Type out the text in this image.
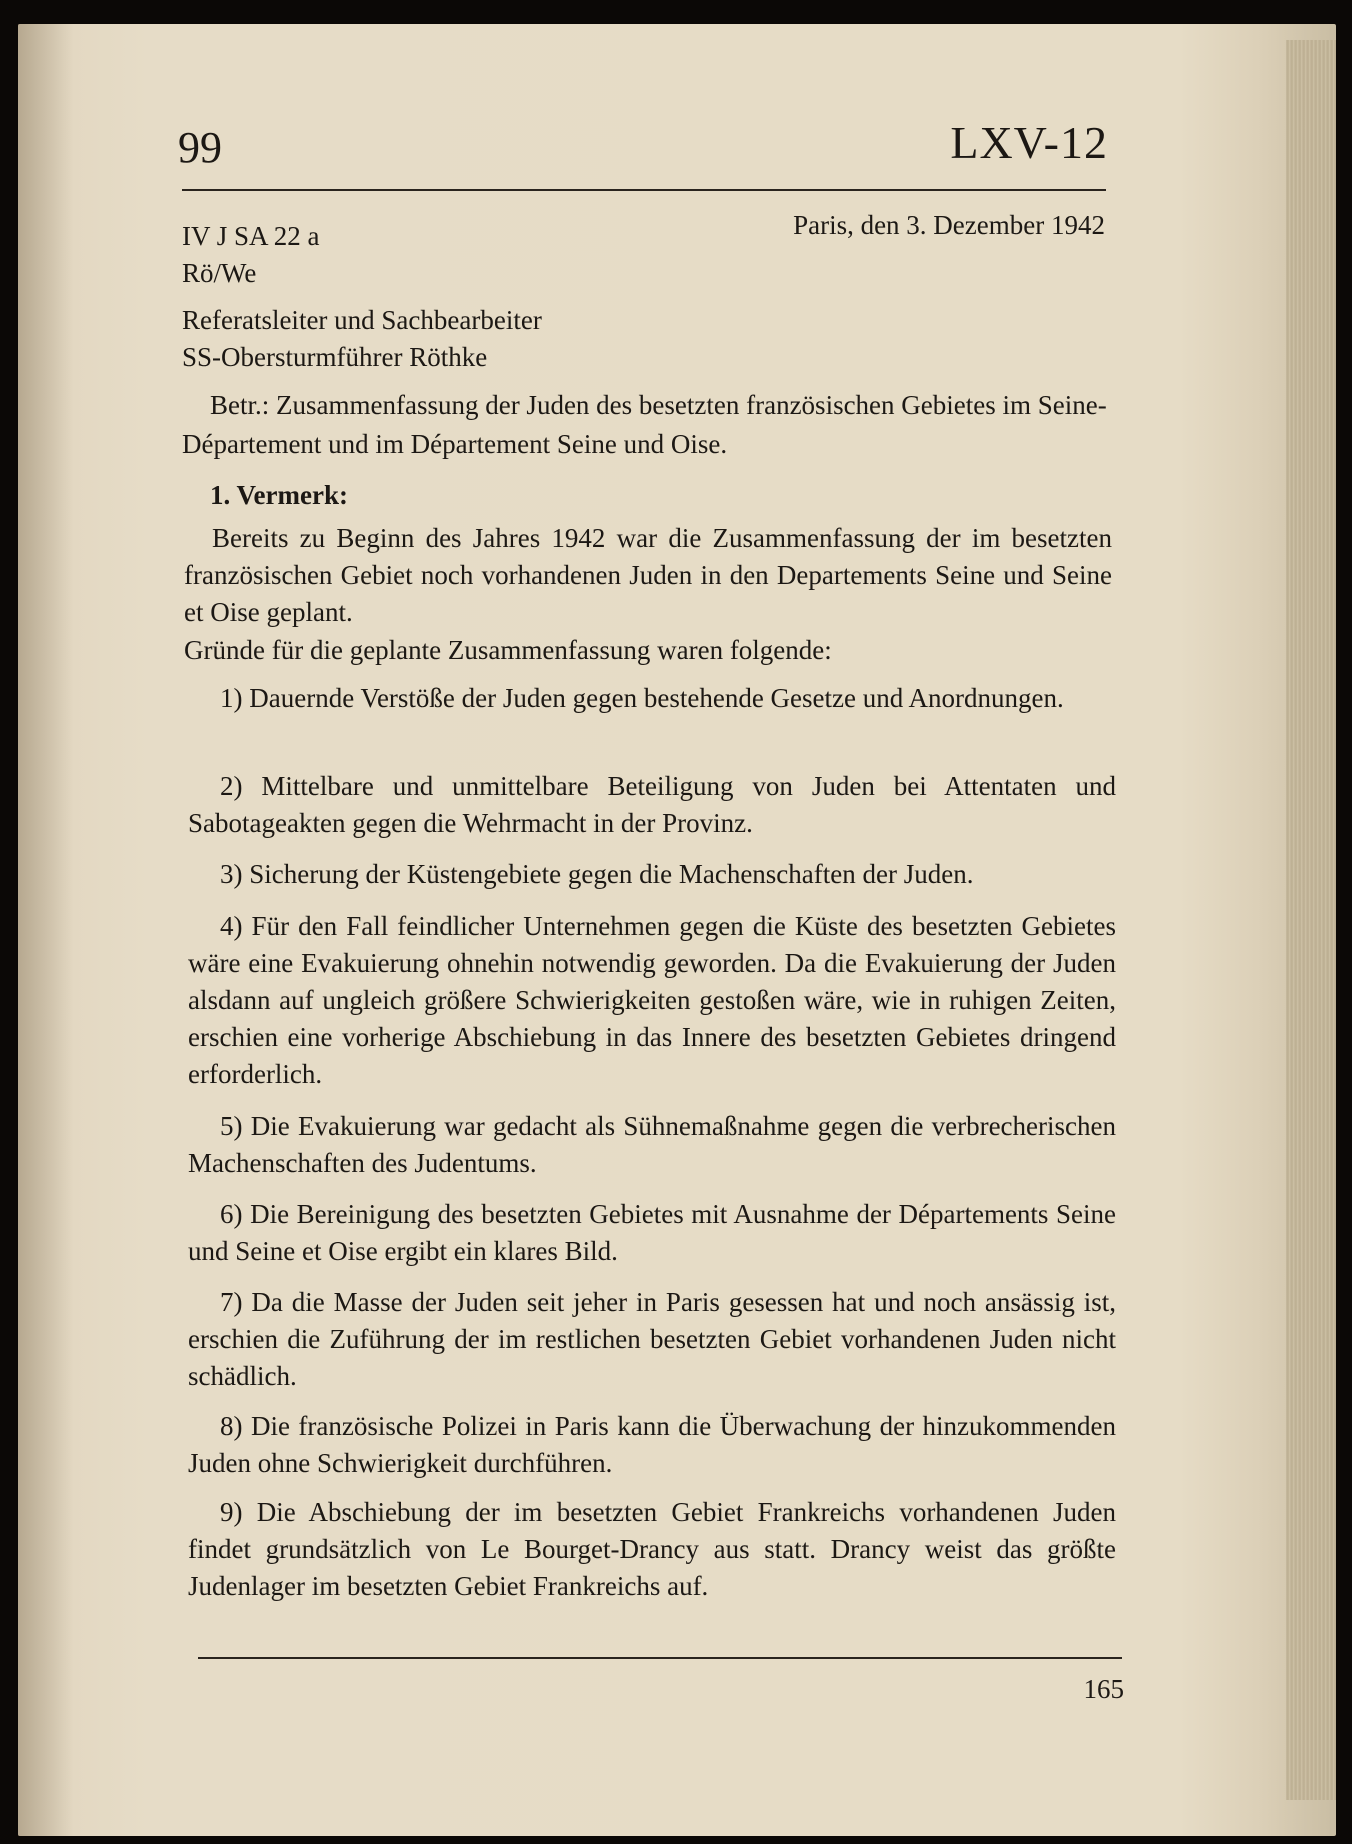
99	LXV-12
IV J SA 22 a
Rö/We
Paris, den 3. Dezember 1942
Referatsleiter und Sachbearbeiter
SS-Obersturmführer Röthke
Betr.: Zusammenfassung der Juden des besetzten französischen Gebietes im Seine-Département und im Département Seine und Oise.
1. Vermerk:
Bereits zu Beginn des Jahres 1942 war die Zusammenfassung der im besetzten französischen Gebiet noch vorhandenen Juden in den Departements Seine und Seine et Oise geplant.
Gründe für die geplante Zusammenfassung waren folgende:
1) Dauernde Verstöße der Juden gegen bestehende Gesetze und Anordnungen.
2) Mittelbare und unmittelbare Beteiligung von Juden bei Attentaten und Sabotageakten gegen die Wehrmacht in der Provinz.
3) Sicherung der Küstengebiete gegen die Machenschaften der Juden.
4) Für den Fall feindlicher Unternehmen gegen die Küste des besetzten Gebietes wäre eine Evakuierung ohnehin notwendig geworden. Da die Evakuierung der Juden alsdann auf ungleich größere Schwierigkeiten gestoßen wäre, wie in ruhigen Zeiten, erschien eine vorherige Abschiebung in das Innere des besetzten Gebietes dringend erforderlich.
5) Die Evakuierung war gedacht als Sühnemaßnahme gegen die verbrecherischen Machenschaften des Judentums.
6) Die Bereinigung des besetzten Gebietes mit Ausnahme der Départements Seine und Seine et Oise ergibt ein klares Bild.
7) Da die Masse der Juden seit jeher in Paris gesessen hat und noch ansässig ist, erschien die Zuführung der im restlichen besetzten Gebiet vorhandenen Juden nicht schädlich.
8) Die französische Polizei in Paris kann die Überwachung der hinzukommenden Juden ohne Schwierigkeit durchführen.
9) Die Abschiebung der im besetzten Gebiet Frankreichs vorhandenen Juden findet grundsätzlich von Le Bourget-Drancy aus statt. Drancy weist das größte Judenlager im besetzten Gebiet Frankreichs auf.
165
